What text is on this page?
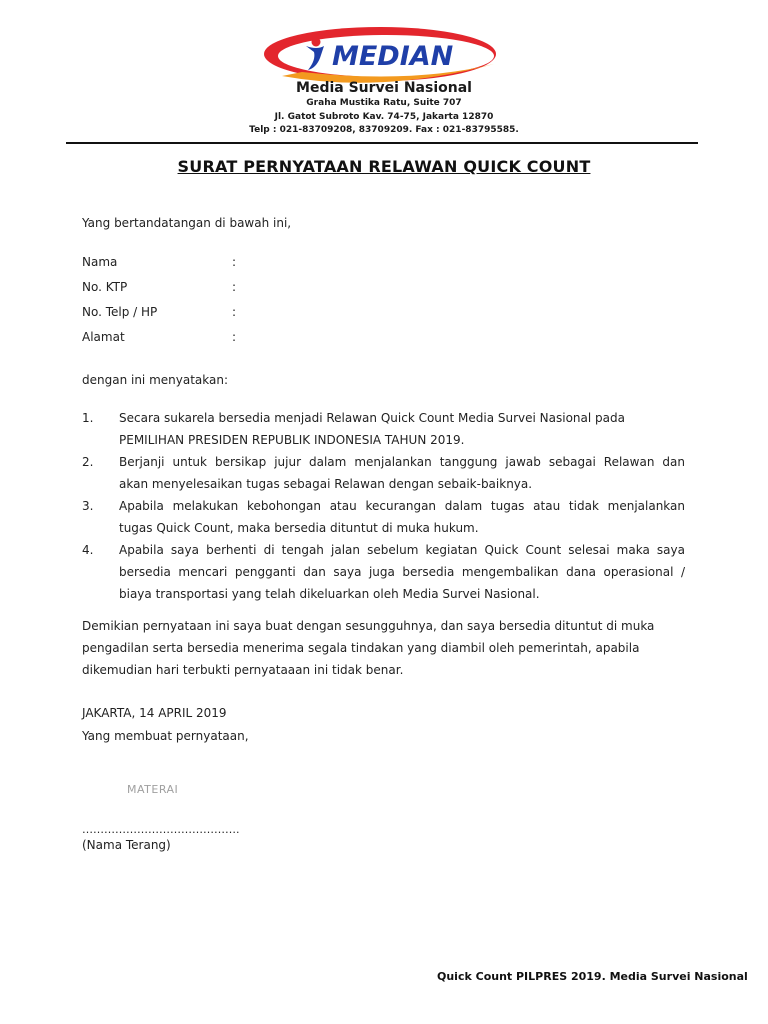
MEDIAN
Media Survei Nasional
Graha Mustika Ratu, Suite 707
Jl. Gatot Subroto Kav. 74-75, Jakarta 12870
Telp : 021-83709208, 83709209. Fax : 021-83795585.
SURAT PERNYATAAN RELAWAN QUICK COUNT
Yang bertandatangan di bawah ini,
Nama	:
No. KTP	:
No. Telp / HP	:
Alamat	:
dengan ini menyatakan:
1. Secara sukarela bersedia menjadi Relawan Quick Count Media Survei Nasional pada
PEMILIHAN PRESIDEN REPUBLIK INDONESIA TAHUN 2019.
2. Berjanji untuk bersikap jujur dalam menjalankan tanggung jawab sebagai Relawan dan
akan menyelesaikan tugas sebagai Relawan dengan sebaik-baiknya.
3. Apabila melakukan kebohongan atau kecurangan dalam tugas atau tidak menjalankan
tugas Quick Count, maka bersedia dituntut di muka hukum.
4. Apabila saya berhenti di tengah jalan sebelum kegiatan Quick Count selesai maka saya
bersedia mencari pengganti dan saya juga bersedia mengembalikan dana operasional /
biaya transportasi yang telah dikeluarkan oleh Media Survei Nasional.
Demikian pernyataan ini saya buat dengan sesungguhnya, dan saya bersedia dituntut di muka
pengadilan serta bersedia menerima segala tindakan yang diambil oleh pemerintah, apabila
dikemudian hari terbukti pernyataaan ini tidak benar.
JAKARTA, 14 APRIL 2019
Yang membuat pernyataan,
MATERAI
…………………………………….
(Nama Terang)
Quick Count PILPRES 2019. Media Survei Nasional
